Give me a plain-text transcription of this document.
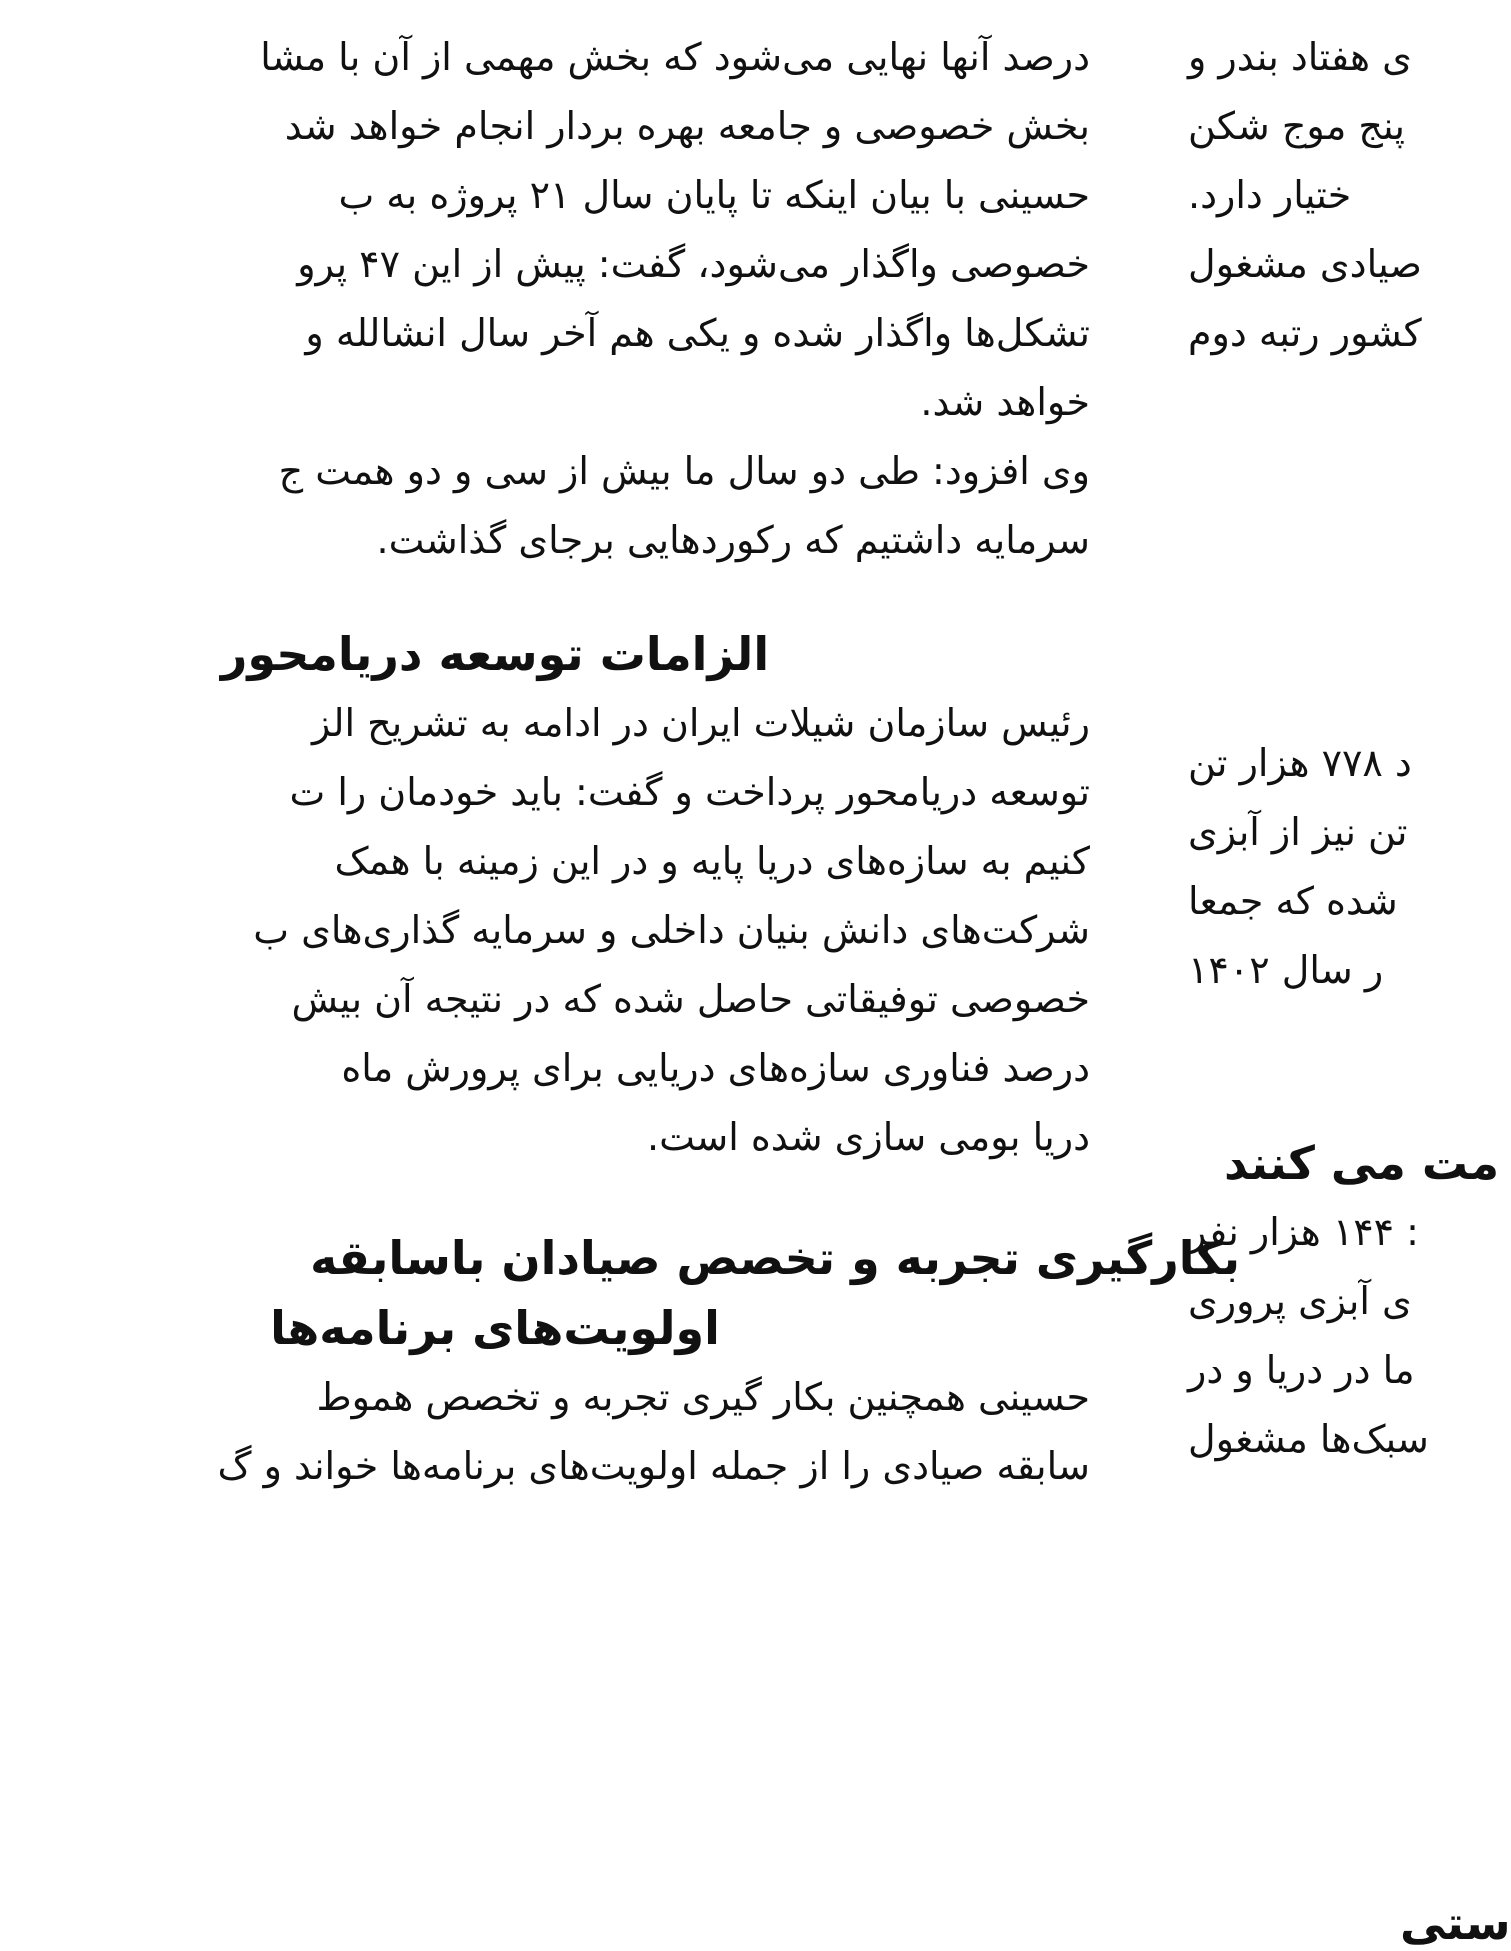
درصد آنها نهایی می‌شود که بخش مهمی از آن با مشا
بخش خصوصی و جامعه بهره بردار انجام خواهد شد
حسینی با بیان اینکه تا پایان سال ۲۱ پروژه به ب
خصوصی واگذار می‌شود، گفت: پیش از این ۴۷ پرو
تشکل‌ها واگذار شده و یکی هم آخر سال انشالله و
خواهد شد.
وی افزود: طی دو سال ما بیش از سی و دو همت ج
سرمایه داشتیم که رکوردهایی برجای گذاشت.
الزامات توسعه دریامحور
رئیس سازمان شیلات ایران در ادامه به تشریح الز
توسعه دریامحور پرداخت و گفت: باید خودمان را ت
کنیم به سازه‌های دریا پایه و در این زمینه با همک
شرکت‌های دانش بنیان داخلی و سرمایه گذاری‌های ب
خصوصی توفیقاتی حاصل شده که در نتیجه آن بیش
درصد فناوری سازه‌های دریایی برای پرورش ماه
دریا بومی سازی شده است.
بکارگیری تجربه و تخصص صیادان باسابقه
اولویت‌های برنامه‌ها
حسینی همچنین بکار گیری تجربه و تخصص هموط
سابقه صیادی را از جمله اولویت‌های برنامه‌ها خواند و گ
ی هفتاد بندر و
پنج موج شکن
ختیار دارد.
صیادی مشغول
کشور رتبه دوم
د ۷۷۸ هزار تن
تن نیز از آبزی
شده که جمعا
ر سال ۱۴۰۲
مت می کنند
: ۱۴۴ هزار نفر
ی آبزی پروری
ما در دریا و در
سبک‌ها مشغول
ستی
